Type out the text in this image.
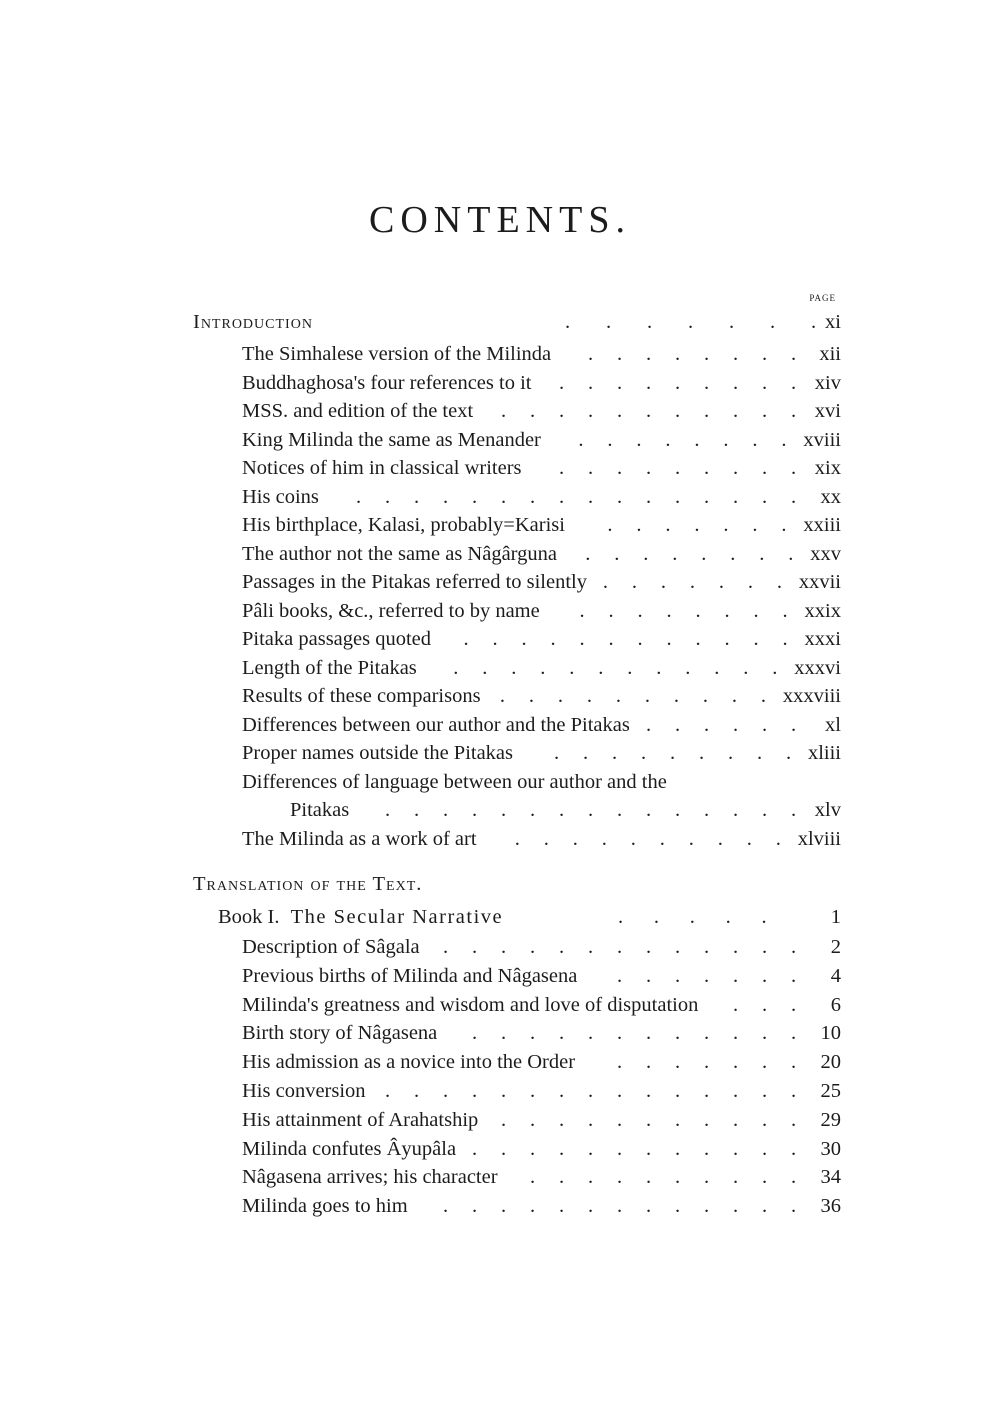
CONTENTS.
PAGE
Introduction	.       .       .       .       .       .       . xi
The Simhalese version of the Milinda	xii
.
.
.
.
.
.
.
.
Buddhaghosa's four references to it	xiv
.
.
.
.
.
.
.
.
.
MSS. and edition of the text	xvi
.
.
.
.
.
.
.
.
.
.
.
King Milinda the same as Menander	xviii
.
.
.
.
.
.
.
.
Notices of him in classical writers	xix
.
.
.
.
.
.
.
.
.
His coins	xx
.
.
.
.
.
.
.
.
.
.
.
.
.
.
.
.
His birthplace, Kalasi, probably=Karisi	xxiii
.
.
.
.
.
.
.
The author not the same as Nâgârguna	xxv
.
.
.
.
.
.
.
.
Passages in the Pitakas referred to silently	xxvii
.
.
.
.
.
.
.
Pâli books, &c., referred to by name	xxix
.
.
.
.
.
.
.
.
Pitaka passages quoted	xxxi
.
.
.
.
.
.
.
.
.
.
.
.
Length of the Pitakas	xxxvi
.
.
.
.
.
.
.
.
.
.
.
.
Results of these comparisons	xxxviii
.
.
.
.
.
.
.
.
.
.
Differences between our author and the Pitakas	xl
.
.
.
.
.
.
Proper names outside the Pitakas	xliii
.
.
.
.
.
.
.
.
.
Differences of language between our author and the
Pitakas	xlv
.
.
.
.
.
.
.
.
.
.
.
.
.
.
.
The Milinda as a work of art	xlviii
.
.
.
.
.
.
.
.
.
.
Translation of the Text.
Book I. The Secular Narrative	.      .      .      .      .	1
Description of Sâgala	2
.
.
.
.
.
.
.
.
.
.
.
.
.
Previous births of Milinda and Nâgasena	4
.
.
.
.
.
.
.
Milinda's greatness and wisdom and love of disputation	6
.
.
.
Birth story of Nâgasena	10
.
.
.
.
.
.
.
.
.
.
.
.
His admission as a novice into the Order	20
.
.
.
.
.
.
.
His conversion	25
.
.
.
.
.
.
.
.
.
.
.
.
.
.
.
His attainment of Arahatship	29
.
.
.
.
.
.
.
.
.
.
.
Milinda confutes Âyupâla	30
.
.
.
.
.
.
.
.
.
.
.
.
Nâgasena arrives; his character	34
.
.
.
.
.
.
.
.
.
.
Milinda goes to him	36
.
.
.
.
.
.
.
.
.
.
.
.
.
